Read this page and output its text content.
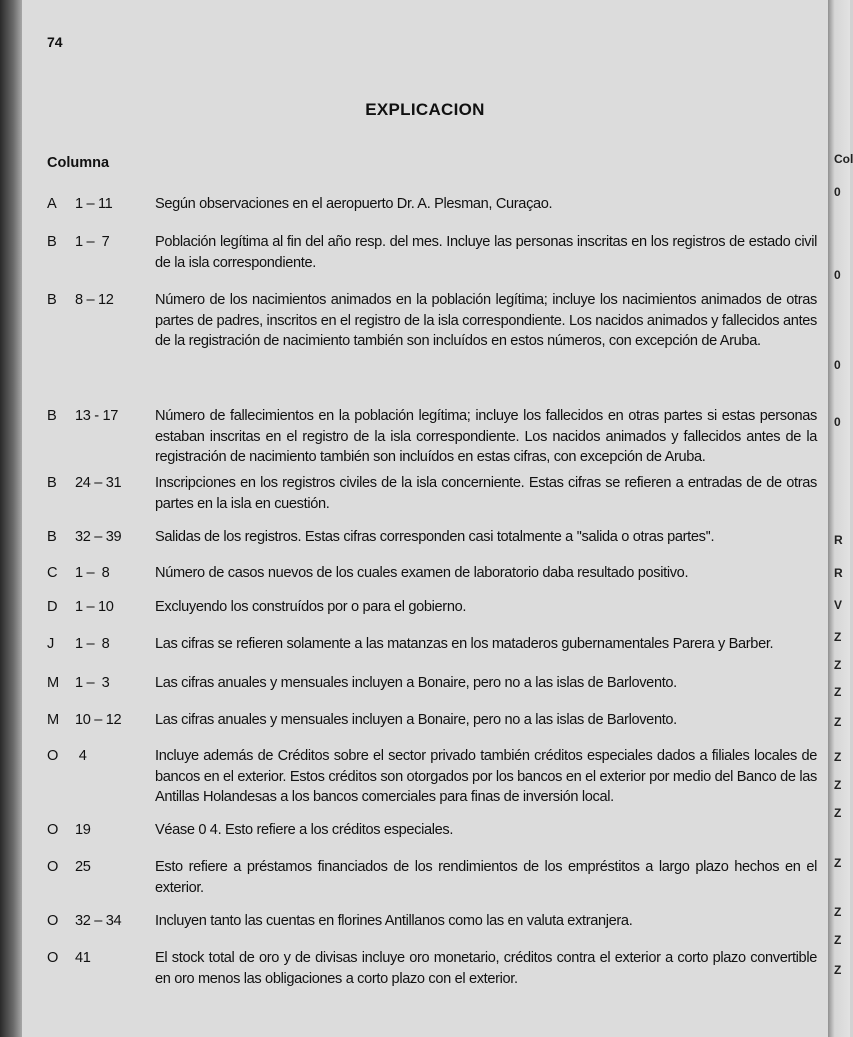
74
EXPLICACION
Columna
A 1 – 11	Según observaciones en el aeropuerto Dr. A. Plesman, Curaçao.
B 1 –  7	Población legítima al fin del año resp. del mes. Incluye las personas inscritas en los registros de estado civil de la isla correspondiente.
B 8 – 12	Número de los nacimientos animados en la población legítima; incluye los nacimientos animados de otras partes de padres, inscritos en el registro de la isla correspondiente. Los nacidos animados y fallecidos antes de la registración de nacimiento también son incluídos en estos números, con excepción de Aruba.
B 13 - 17	Número de fallecimientos en la población legítima; incluye los fallecidos en otras partes si estas personas estaban inscritas en el registro de la isla correspondiente. Los nacidos animados y fallecidos antes de la registración de nacimiento también son incluídos en estas cifras, con excepción de Aruba.
B 24 – 31	Inscripciones en los registros civiles de la isla concerniente. Estas cifras se refieren a entradas de de otras partes en la isla en cuestión.
B 32 – 39	Salidas de los registros. Estas cifras corresponden casi totalmente a ''salida o otras partes''.
C 1 –  8	Número de casos nuevos de los cuales examen de laboratorio daba resultado positivo.
D 1 – 10	Excluyendo los construídos por o para el gobierno.
J 1 –  8	Las cifras se refieren solamente a las matanzas en los mataderos gubernamentales Parera y Barber.
M 1 –  3	Las cifras anuales y mensuales incluyen a Bonaire, pero no a las islas de Barlovento.
M 10 – 12	Las cifras anuales y mensuales incluyen a Bonaire, pero no a las islas de Barlovento.
O 4	Incluye además de Créditos sobre el sector privado también créditos especiales dados a filiales locales de bancos en el exterior. Estos créditos son otorgados por los bancos en el exterior por medio del Banco de las Antillas Holandesas a los bancos comerciales para finas de inversión local.
O 19	Véase 0 4. Esto refiere a los créditos especiales.
O 25	Esto refiere a préstamos financiados de los rendimientos de los empréstitos a largo plazo hechos en el exterior.
O 32 – 34	Incluyen tanto las cuentas en florines Antillanos como las en valuta extranjera.
O 41	El stock total de oro y de divisas incluye oro monetario, créditos contra el exterior a corto plazo convertible en oro menos las obligaciones a corto plazo con el exterior.
Col
0
0
0
0
R
R
V
Z
Z
Z
Z
Z
Z
Z
Z
Z
Z
Z
